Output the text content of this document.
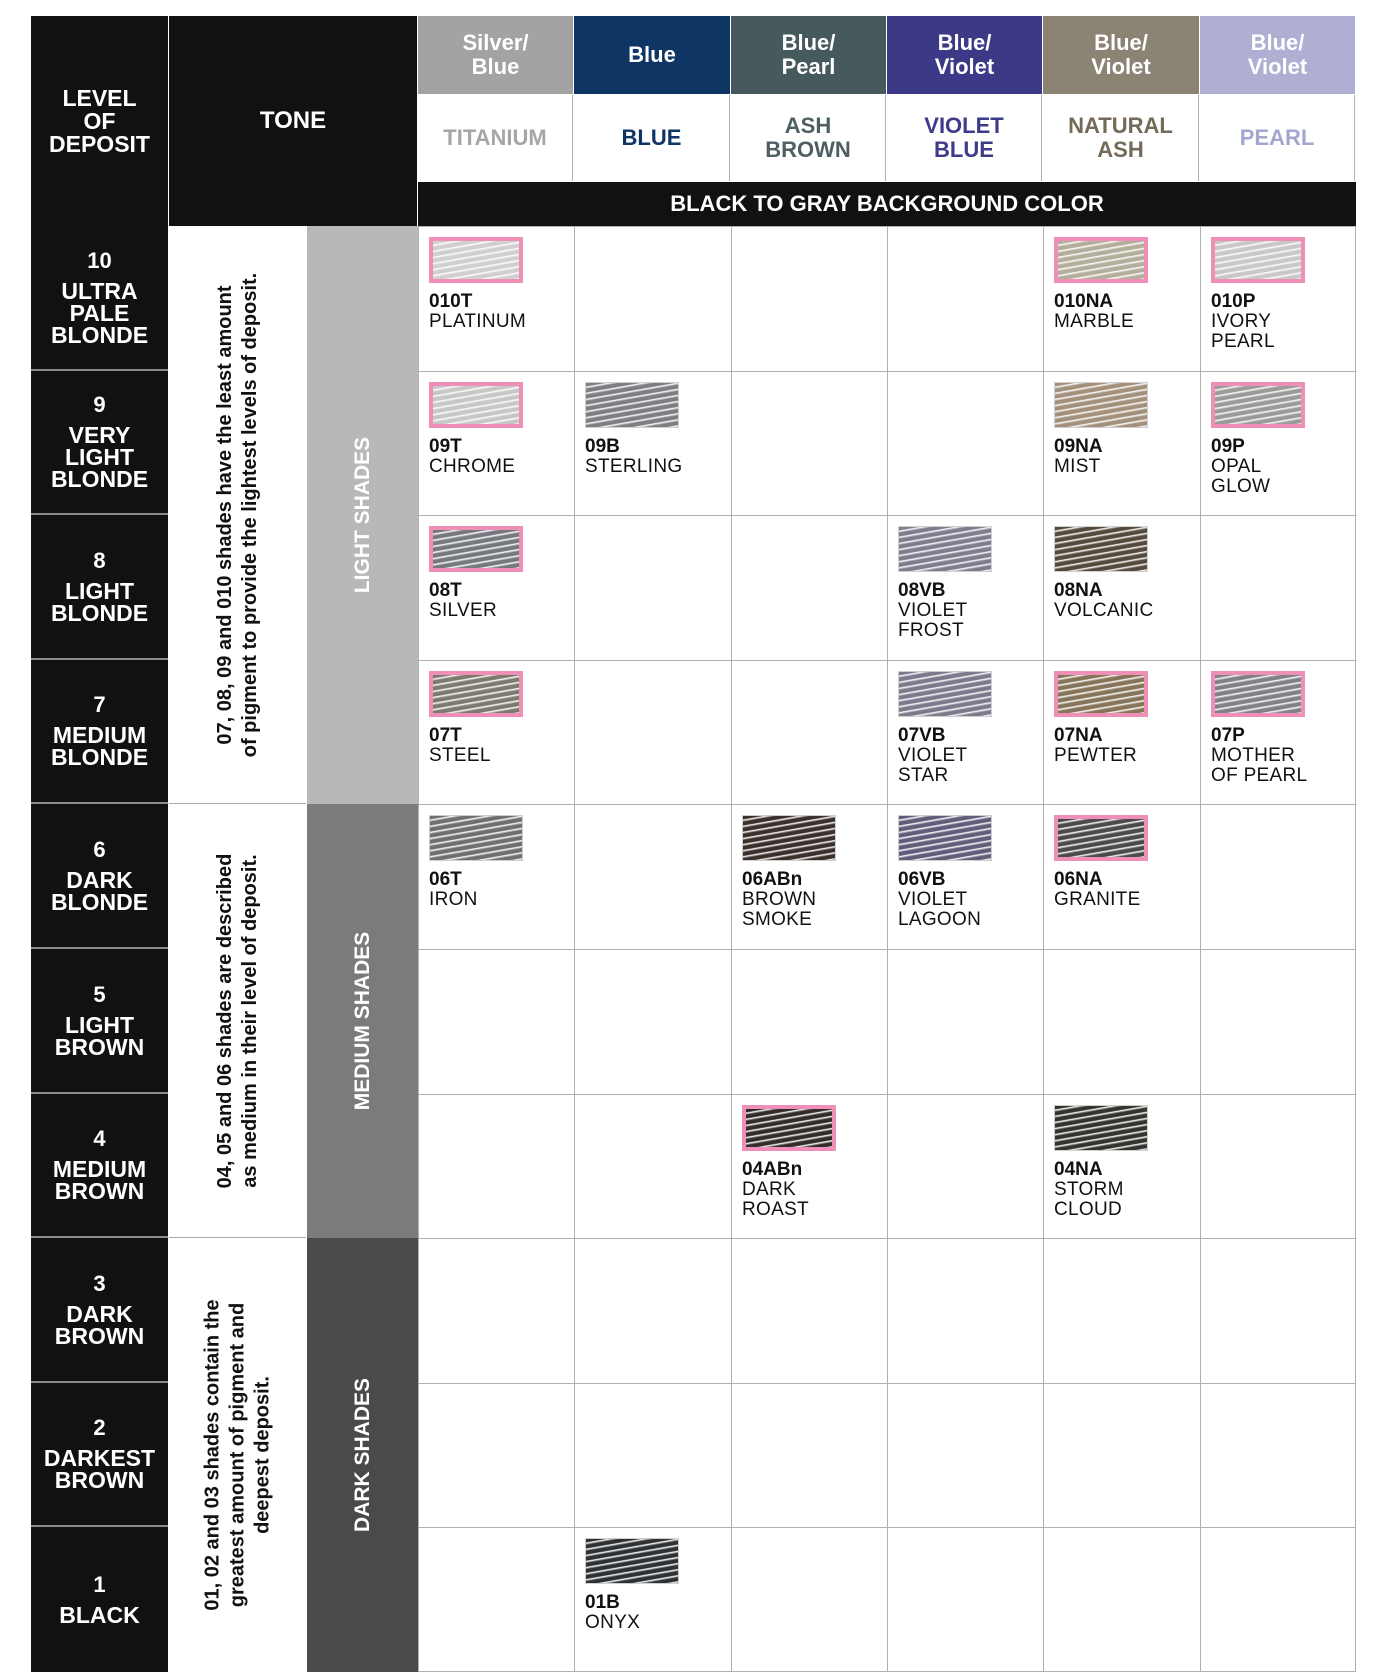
LEVEL
OF
DEPOSIT
TONE
Silver/
Blue
TITANIUM
Blue
BLUE
Blue/
Pearl
ASH
BROWN
Blue/
Violet
VIOLET
BLUE
Blue/
Violet
NATURAL
ASH
Blue/
Violet
PEARL
BLACK TO GRAY BACKGROUND COLOR
10
ULTRA
PALE
BLONDE
9
VERY
LIGHT
BLONDE
8
LIGHT
BLONDE
7
MEDIUM
BLONDE
6
DARK
BLONDE
5
LIGHT
BROWN
4
MEDIUM
BROWN
3
DARK
BROWN
2
DARKEST
BROWN
1
BLACK
07, 08, 09 and 010 shades have the least amount
of pigment to provide the lightest levels of deposit.
04, 05 and 06 shades are described
as medium in their level of deposit.
01, 02 and 03 shades contain the
greatest amount of pigment and
deepest deposit.
LIGHT SHADES
MEDIUM SHADES
DARK SHADES
010T
PLATINUM
010NA
MARBLE
010P
IVORY
PEARL
09T
CHROME
09B
STERLING
09NA
MIST
09P
OPAL
GLOW
08T
SILVER
08VB
VIOLET
FROST
08NA
VOLCANIC
07T
STEEL
07VB
VIOLET
STAR
07NA
PEWTER
07P
MOTHER
OF PEARL
06T
IRON
06ABn
BROWN
SMOKE
06VB
VIOLET
LAGOON
06NA
GRANITE
04ABn
DARK
ROAST
04NA
STORM
CLOUD
01B
ONYX
